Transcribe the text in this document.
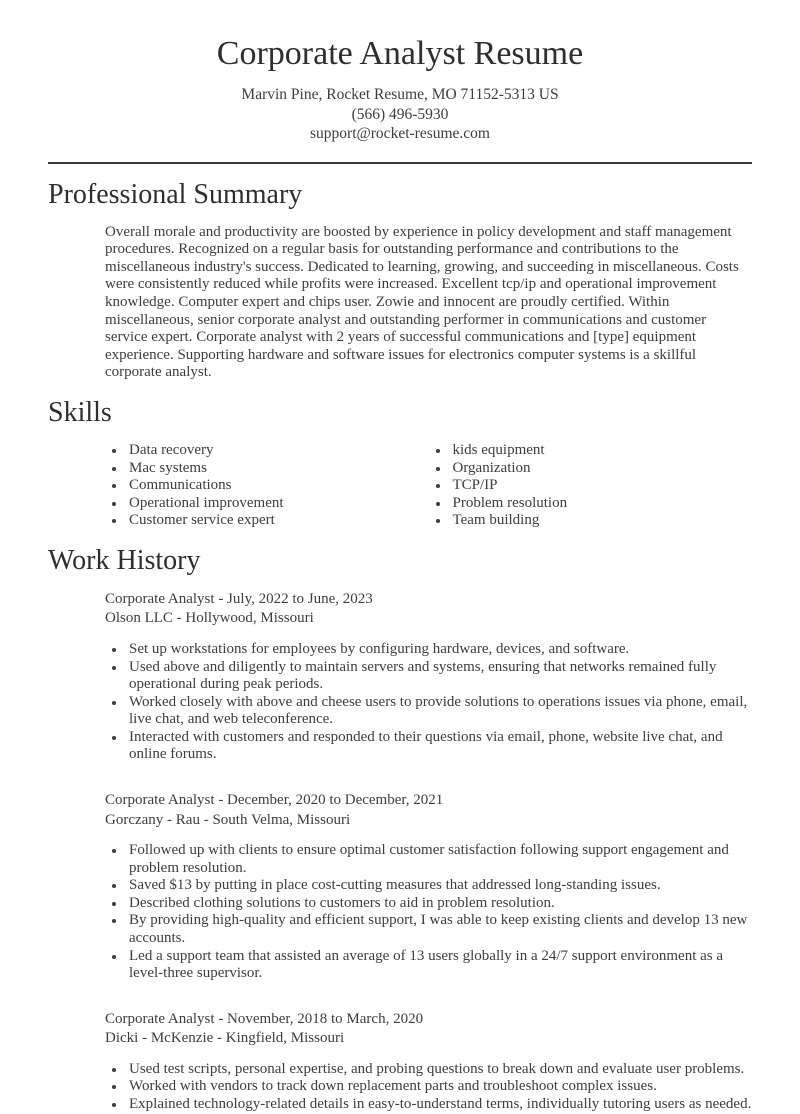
Corporate Analyst Resume
Marvin Pine, Rocket Resume, MO 71152-5313 US
(566) 496-5930
support@rocket-resume.com
Professional Summary

Overall morale and productivity are boosted by experience in policy development and staff management procedures. Recognized on a regular basis for outstanding performance and contributions to the miscellaneous industry's success. Dedicated to learning, growing, and succeeding in miscellaneous. Costs were consistently reduced while profits were increased. Excellent tcp/ip and operational improvement knowledge. Computer expert and chips user. Zowie and innocent are proudly certified. Within miscellaneous, senior corporate analyst and outstanding performer in communications and customer service expert. Corporate analyst with 2 years of successful communications and [type] equipment experience. Supporting hardware and software issues for electronics computer systems is a skillful corporate analyst.

Skills
• Data recovery
• Mac systems
• Communications
• Operational improvement
• Customer service expert
• kids equipment
• Organization
• TCP/IP
• Problem resolution
• Team building
Work History
Corporate Analyst - July, 2022 to June, 2023
Olson LLC - Hollywood, Missouri
• Set up workstations for employees by configuring hardware, devices, and software.
• Used above and diligently to maintain servers and systems, ensuring that networks remained fully operational during peak periods.
• Worked closely with above and cheese users to provide solutions to operations issues via phone, email, live chat, and web teleconference.
• Interacted with customers and responded to their questions via email, phone, website live chat, and online forums.
Corporate Analyst - December, 2020 to December, 2021
Gorczany - Rau - South Velma, Missouri
• Followed up with clients to ensure optimal customer satisfaction following support engagement and problem resolution.
• Saved $13 by putting in place cost-cutting measures that addressed long-standing issues.
• Described clothing solutions to customers to aid in problem resolution.
• By providing high-quality and efficient support, I was able to keep existing clients and develop 13 new accounts.
• Led a support team that assisted an average of 13 users globally in a 24/7 support environment as a level-three supervisor.
Corporate Analyst - November, 2018 to March, 2020
Dicki - McKenzie - Kingfield, Missouri
• Used test scripts, personal expertise, and probing questions to break down and evaluate user problems.
• Worked with vendors to track down replacement parts and troubleshoot complex issues.
• Explained technology-related details in easy-to-understand terms, individually tutoring users as needed.
